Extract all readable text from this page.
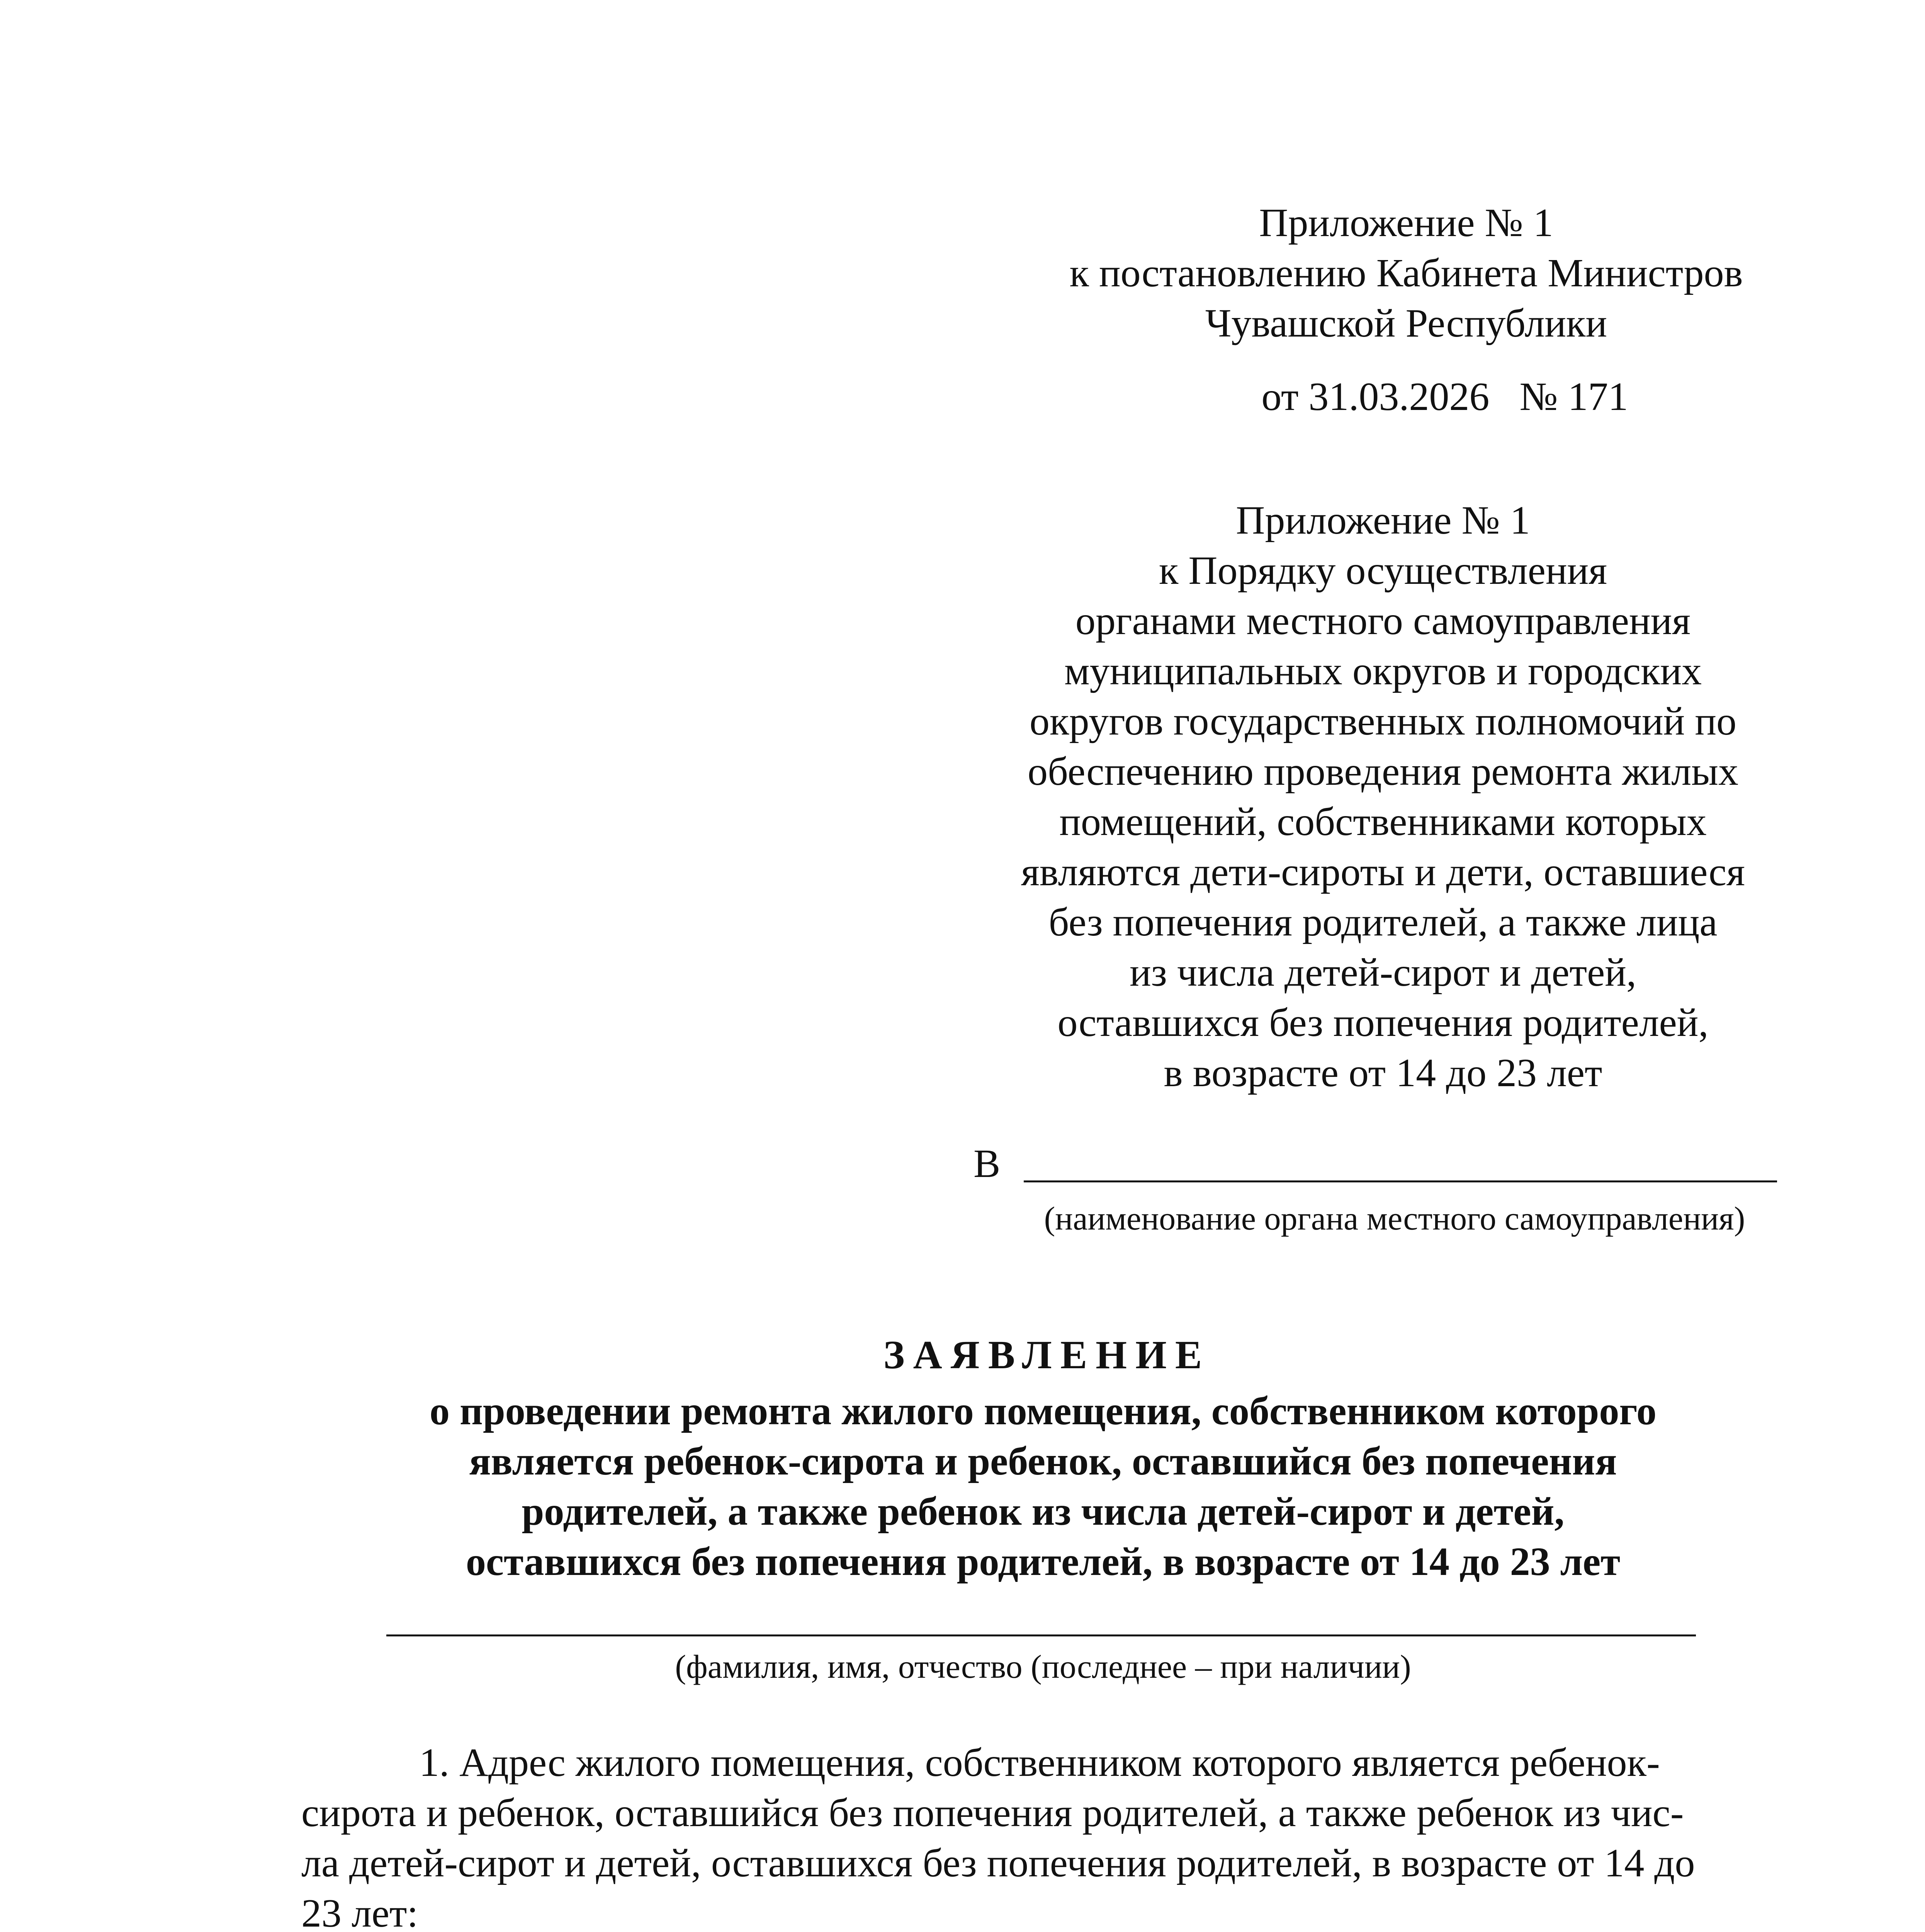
Приложение № 1
к постановлению Кабинета Министров
Чувашской Республики
от 31.03.2026   № 171
Приложение № 1
к Порядку осуществления
органами местного самоуправления
муниципальных округов и городских
округов государственных полномочий по
обеспечению проведения ремонта жилых
помещений, собственниками которых
являются дети-сироты и дети, оставшиеся
без попечения родителей, а также лица
из числа детей-сирот и детей,
оставшихся без попечения родителей,
в возрасте от 14 до 23 лет
В
(наименование органа местного самоуправления)
ЗАЯВЛЕНИЕ
о проведении ремонта жилого помещения, собственником которого
является ребенок-сирота и ребенок, оставшийся без попечения
родителей, а также ребенок из числа детей-сирот и детей,
оставшихся без попечения родителей, в возрасте от 14 до 23 лет
(фамилия, имя, отчество (последнее – при наличии)
1. Адрес жилого помещения, собственником которого является ребенок-
сирота и ребенок, оставшийся без попечения родителей, а также ребенок из чис-
ла детей-сирот и детей, оставшихся без попечения родителей, в возрасте от 14 до
23 лет:
